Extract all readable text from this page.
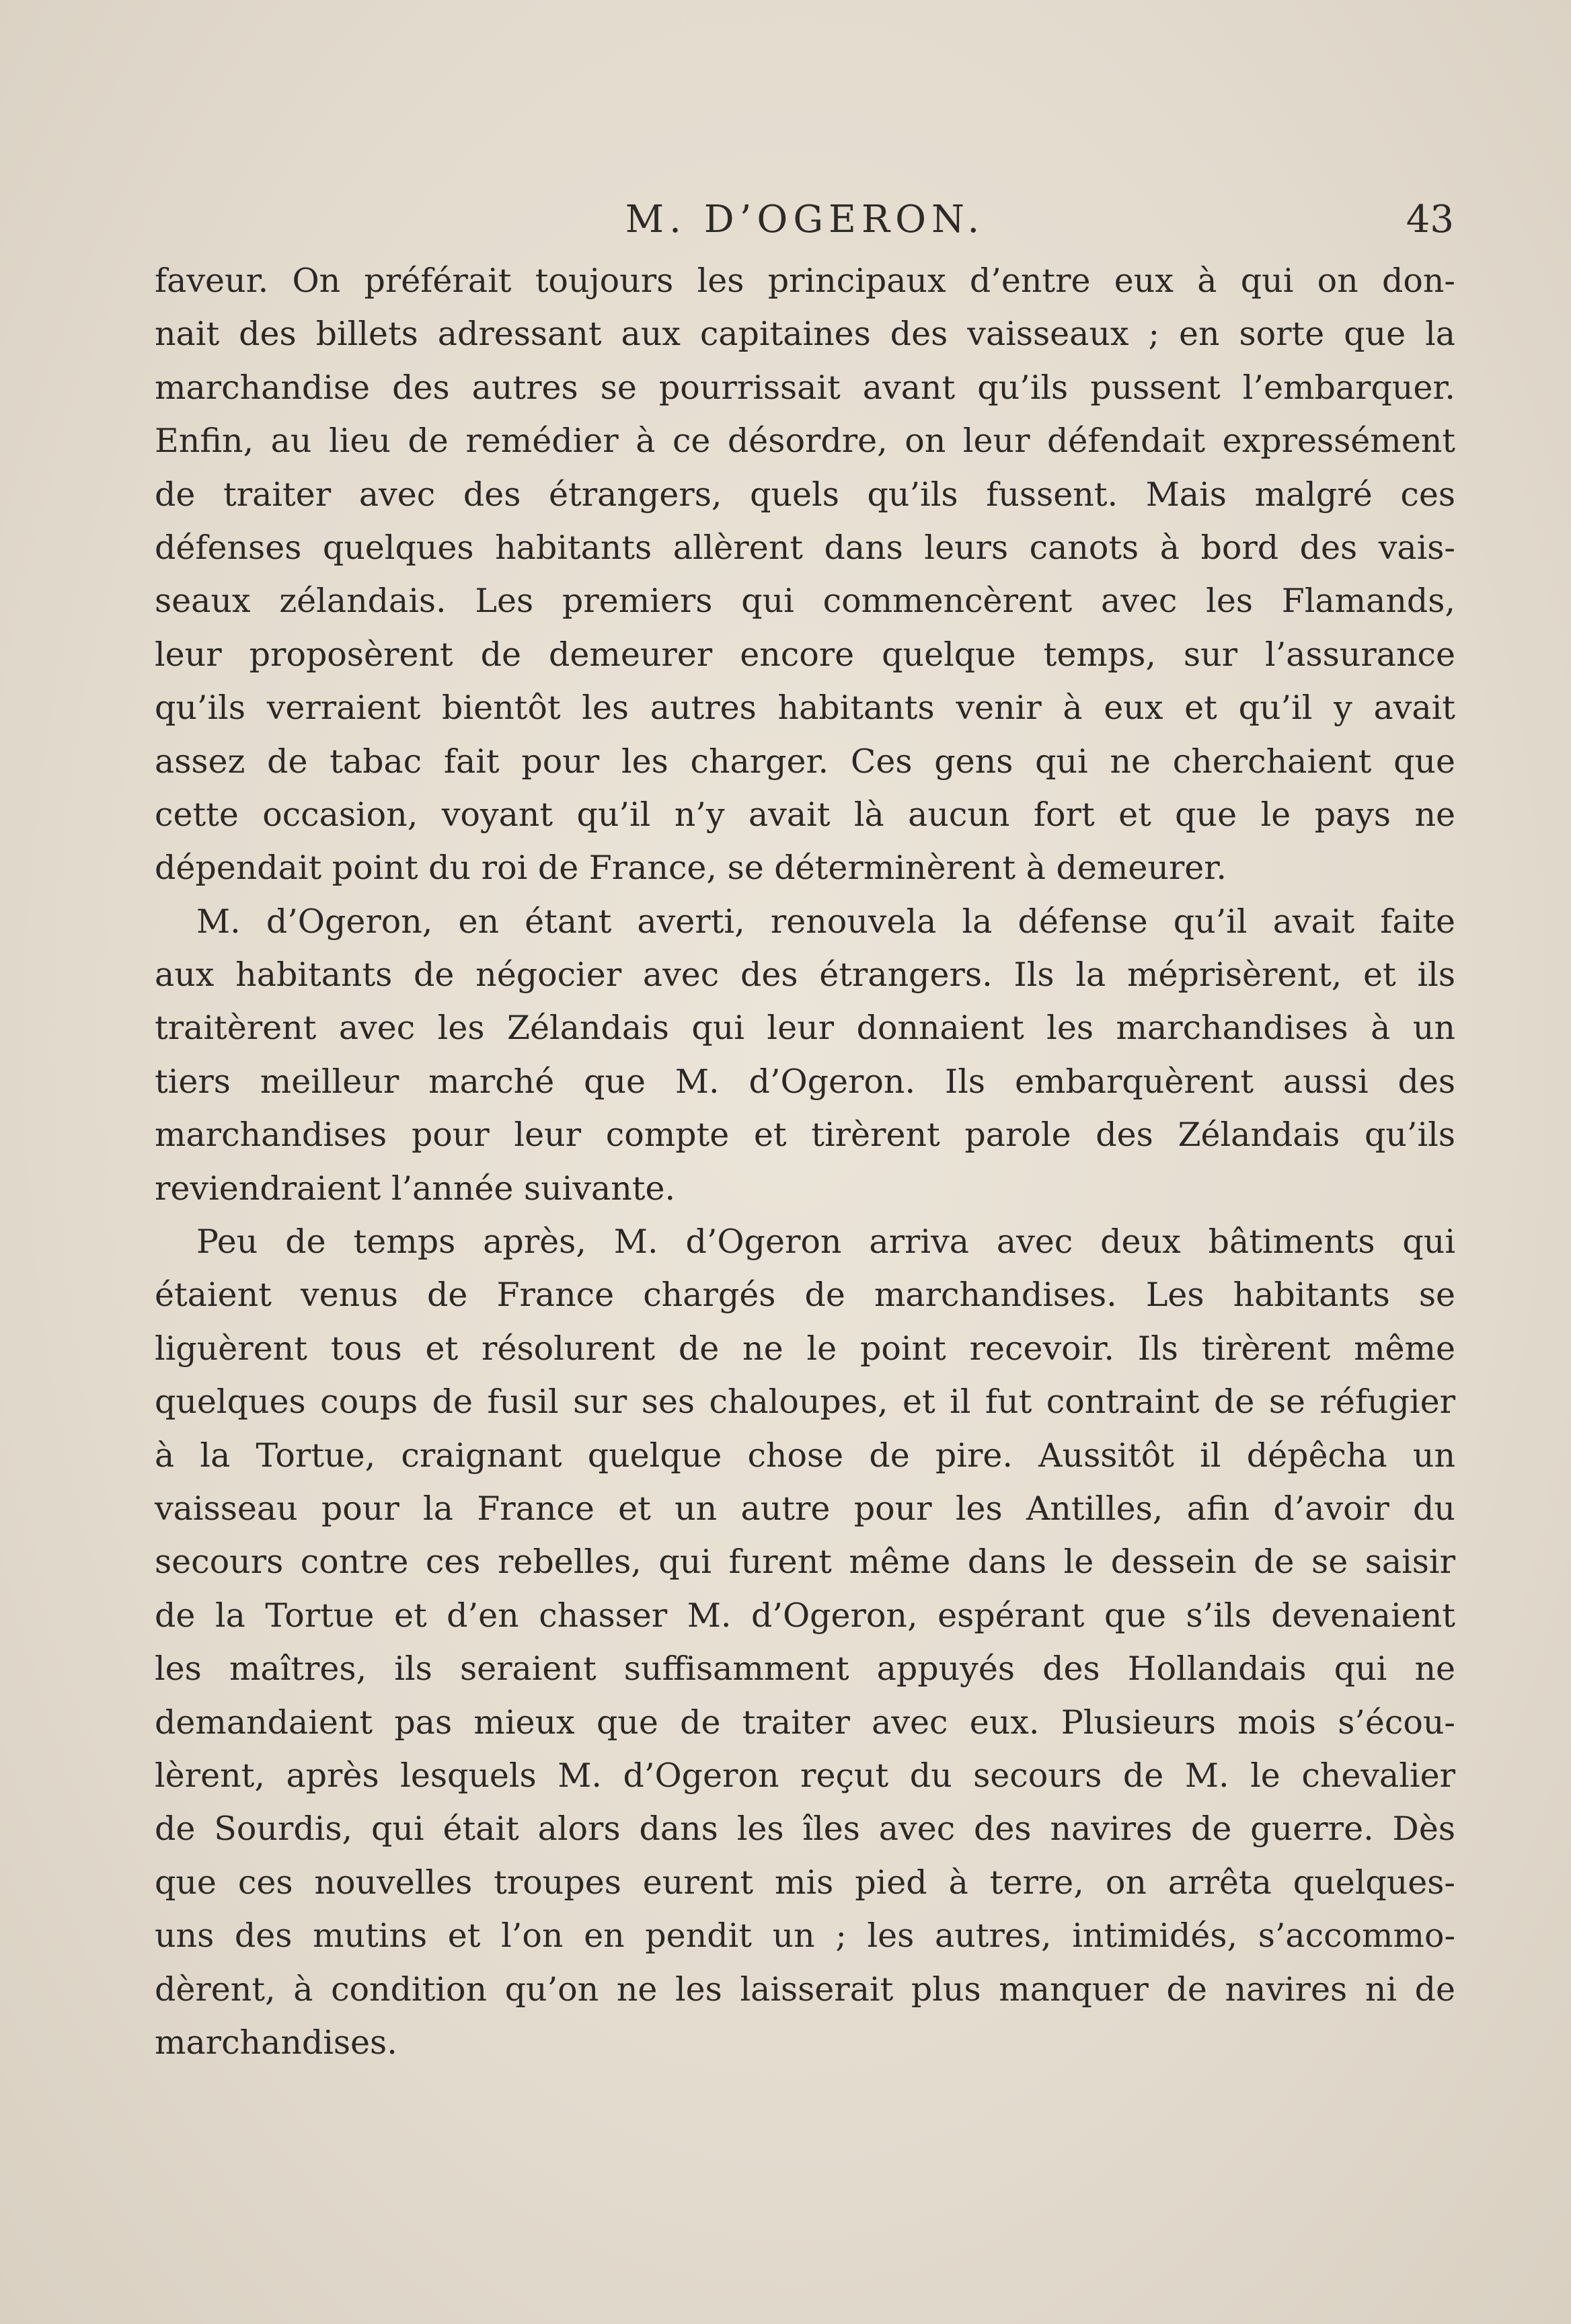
M. D’OGERON.	43
faveur. On préférait toujours les principaux d’entre eux à qui on don-
nait des billets adressant aux capitaines des vaisseaux ; en sorte que la
marchandise des autres se pourrissait avant qu’ils pussent l’embarquer.
Enfin, au lieu de remédier à ce désordre, on leur défendait expressément
de traiter avec des étrangers, quels qu’ils fussent. Mais malgré ces
défenses quelques habitants allèrent dans leurs canots à bord des vais-
seaux zélandais. Les premiers qui commencèrent avec les Flamands,
leur proposèrent de demeurer encore quelque temps, sur l’assurance
qu’ils verraient bientôt les autres habitants venir à eux et qu’il y avait
assez de tabac fait pour les charger. Ces gens qui ne cherchaient que
cette occasion, voyant qu’il n’y avait là aucun fort et que le pays ne
dépendait point du roi de France, se déterminèrent à demeurer.
M. d’Ogeron, en étant averti, renouvela la défense qu’il avait faite
aux habitants de négocier avec des étrangers. Ils la méprisèrent, et ils
traitèrent avec les Zélandais qui leur donnaient les marchandises à un
tiers meilleur marché que M. d’Ogeron. Ils embarquèrent aussi des
marchandises pour leur compte et tirèrent parole des Zélandais qu’ils
reviendraient l’année suivante.
Peu de temps après, M. d’Ogeron arriva avec deux bâtiments qui
étaient venus de France chargés de marchandises. Les habitants se
liguèrent tous et résolurent de ne le point recevoir. Ils tirèrent même
quelques coups de fusil sur ses chaloupes, et il fut contraint de se réfugier
à la Tortue, craignant quelque chose de pire. Aussitôt il dépêcha un
vaisseau pour la France et un autre pour les Antilles, afin d’avoir du
secours contre ces rebelles, qui furent même dans le dessein de se saisir
de la Tortue et d’en chasser M. d’Ogeron, espérant que s’ils devenaient
les maîtres, ils seraient suffisamment appuyés des Hollandais qui ne
demandaient pas mieux que de traiter avec eux. Plusieurs mois s’écou-
lèrent, après lesquels M. d’Ogeron reçut du secours de M. le chevalier
de Sourdis, qui était alors dans les îles avec des navires de guerre. Dès
que ces nouvelles troupes eurent mis pied à terre, on arrêta quelques-
uns des mutins et l’on en pendit un ; les autres, intimidés, s’accommo-
dèrent, à condition qu’on ne les laisserait plus manquer de navires ni de
marchandises.
